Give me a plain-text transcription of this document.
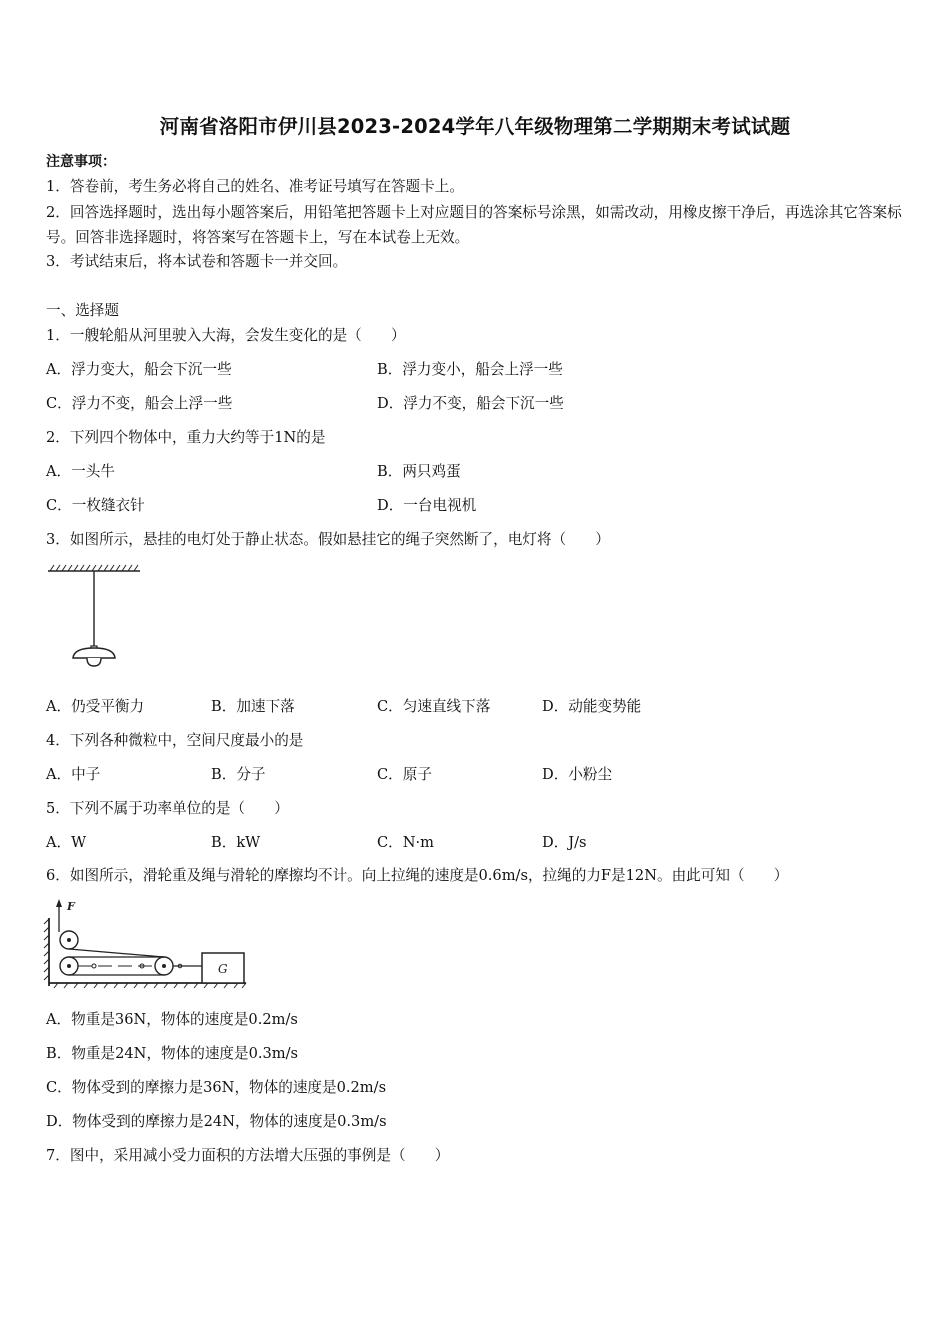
河南省洛阳市伊川县2023-2024学年八年级物理第二学期期末考试试题
注意事项：
1．答卷前，考生务必将自己的姓名、准考证号填写在答题卡上。
2．回答选择题时，选出每小题答案后，用铅笔把答题卡上对应题目的答案标号涂黑，如需改动，用橡皮擦干净后，再选涂其它答案标号。回答非选择题时，将答案写在答题卡上，写在本试卷上无效。
3．考试结束后，将本试卷和答题卡一并交回。
一、选择题
1．一艘轮船从河里驶入大海，会发生变化的是（　　）
A．浮力变大，船会下沉一些	B．浮力变小，船会上浮一些
C．浮力不变，船会上浮一些	D．浮力不变，船会下沉一些
2．下列四个物体中，重力大约等于1N的是
A．一头牛	B．两只鸡蛋
C．一枚缝衣针	D．一台电视机
3．如图所示，悬挂的电灯处于静止状态。假如悬挂它的绳子突然断了，电灯将（　　）
A．仍受平衡力	B．加速下落	C．匀速直线下落	D．动能变势能
4．下列各种微粒中，空间尺度最小的是
A．中子	B．分子	C．原子	D．小粉尘
5．下列不属于功率单位的是（　　）
A．W	B．kW	C．N·m	D．J/s
6．如图所示，滑轮重及绳与滑轮的摩擦均不计。向上拉绳的速度是0.6m/s，拉绳的力F是12N。由此可知（　　）
F
G
A．物重是36N，物体的速度是0.2m/s
B．物重是24N，物体的速度是0.3m/s
C．物体受到的摩擦力是36N，物体的速度是0.2m/s
D．物体受到的摩擦力是24N，物体的速度是0.3m/s
7．图中，采用减小受力面积的方法增大压强的事例是（　　）
